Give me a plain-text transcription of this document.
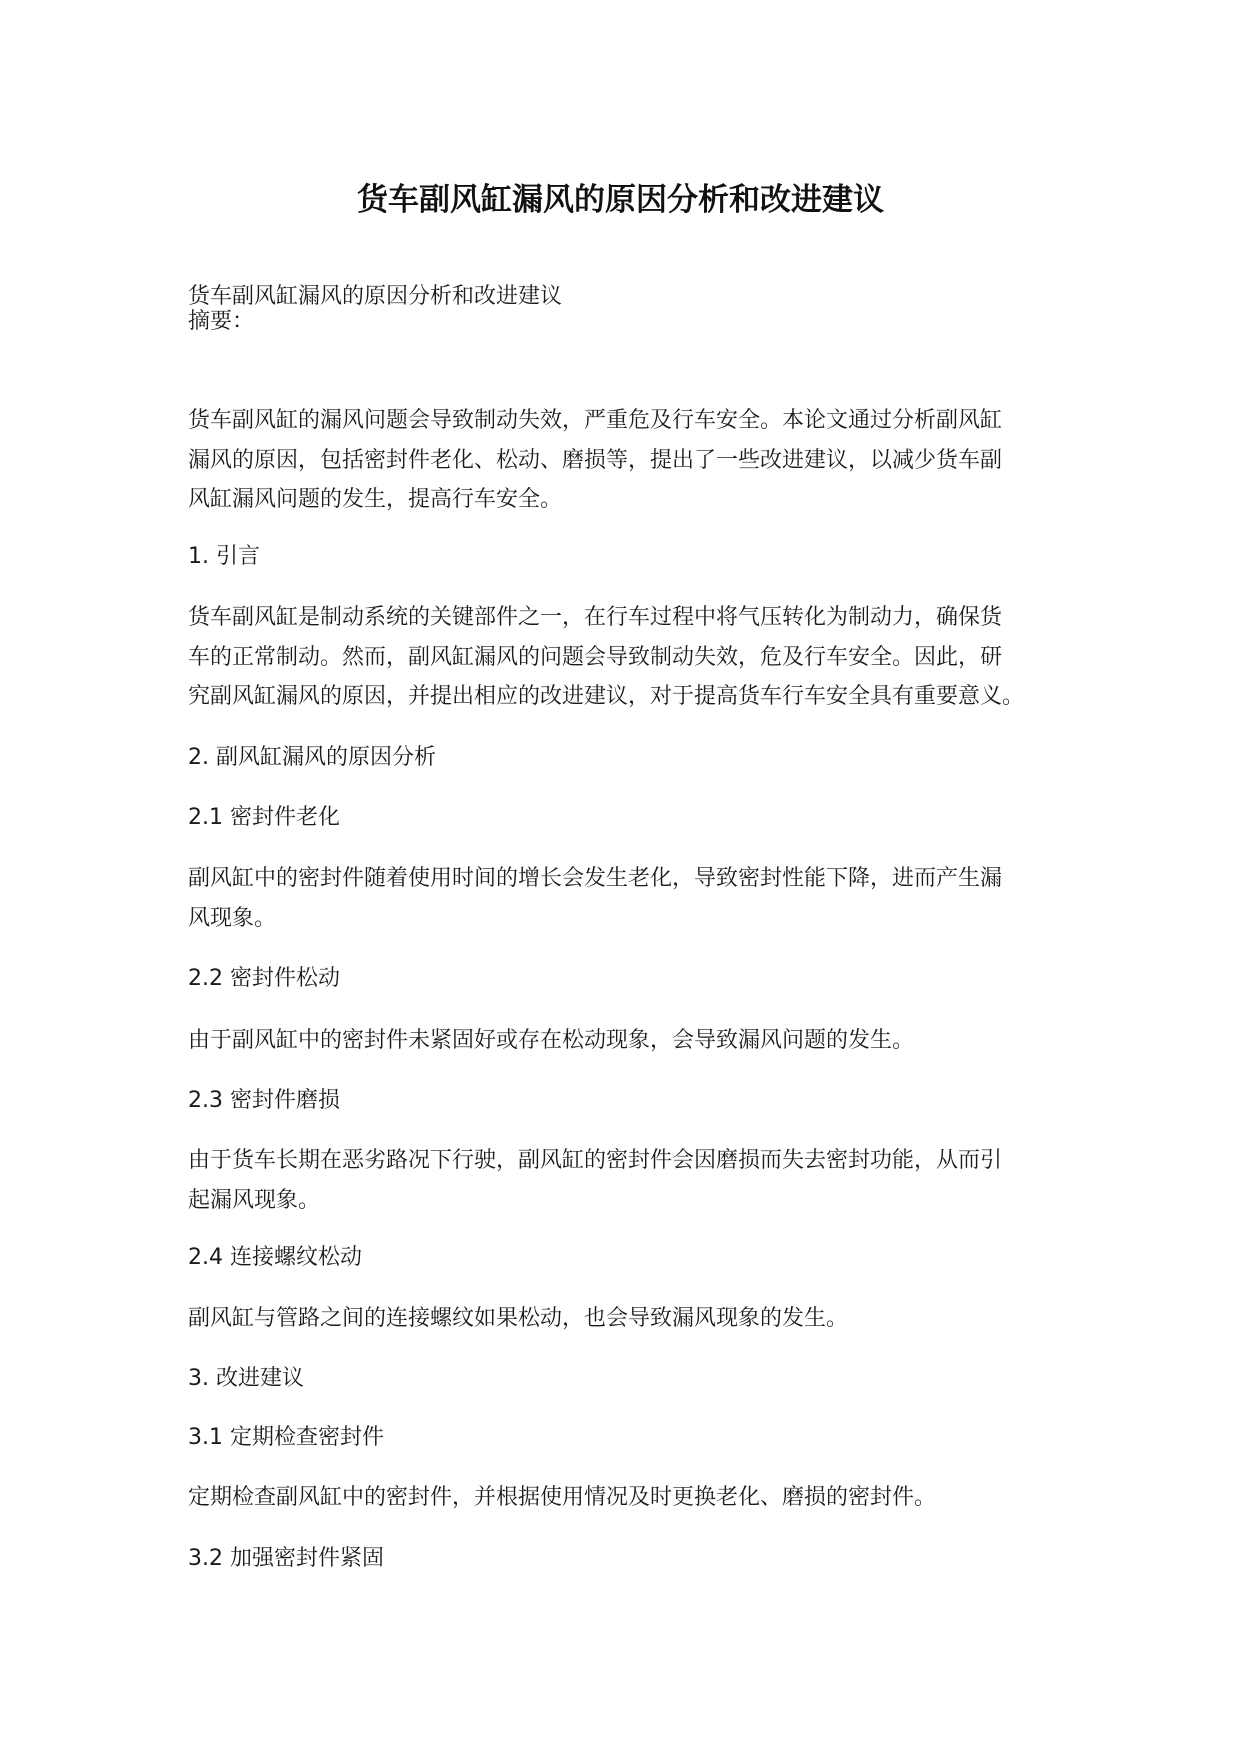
货车副风缸漏风的原因分析和改进建议

货车副风缸漏风的原因分析和改进建议

摘要：

货车副风缸的漏风问题会导致制动失效，严重危及行车安全。本论文通过分析副风缸
漏风的原因，包括密封件老化、松动、磨损等，提出了一些改进建议，以减少货车副
风缸漏风问题的发生，提高行车安全。

1. 引言

货车副风缸是制动系统的关键部件之一，在行车过程中将气压转化为制动力，确保货
车的正常制动。然而，副风缸漏风的问题会导致制动失效，危及行车安全。因此，研
究副风缸漏风的原因，并提出相应的改进建议，对于提高货车行车安全具有重要意义。

2. 副风缸漏风的原因分析

2.1 密封件老化

副风缸中的密封件随着使用时间的增长会发生老化，导致密封性能下降，进而产生漏
风现象。

2.2 密封件松动

由于副风缸中的密封件未紧固好或存在松动现象，会导致漏风问题的发生。

2.3 密封件磨损

由于货车长期在恶劣路况下行驶，副风缸的密封件会因磨损而失去密封功能，从而引
起漏风现象。

2.4 连接螺纹松动

副风缸与管路之间的连接螺纹如果松动，也会导致漏风现象的发生。

3. 改进建议

3.1 定期检查密封件

定期检查副风缸中的密封件，并根据使用情况及时更换老化、磨损的密封件。

3.2 加强密封件紧固
